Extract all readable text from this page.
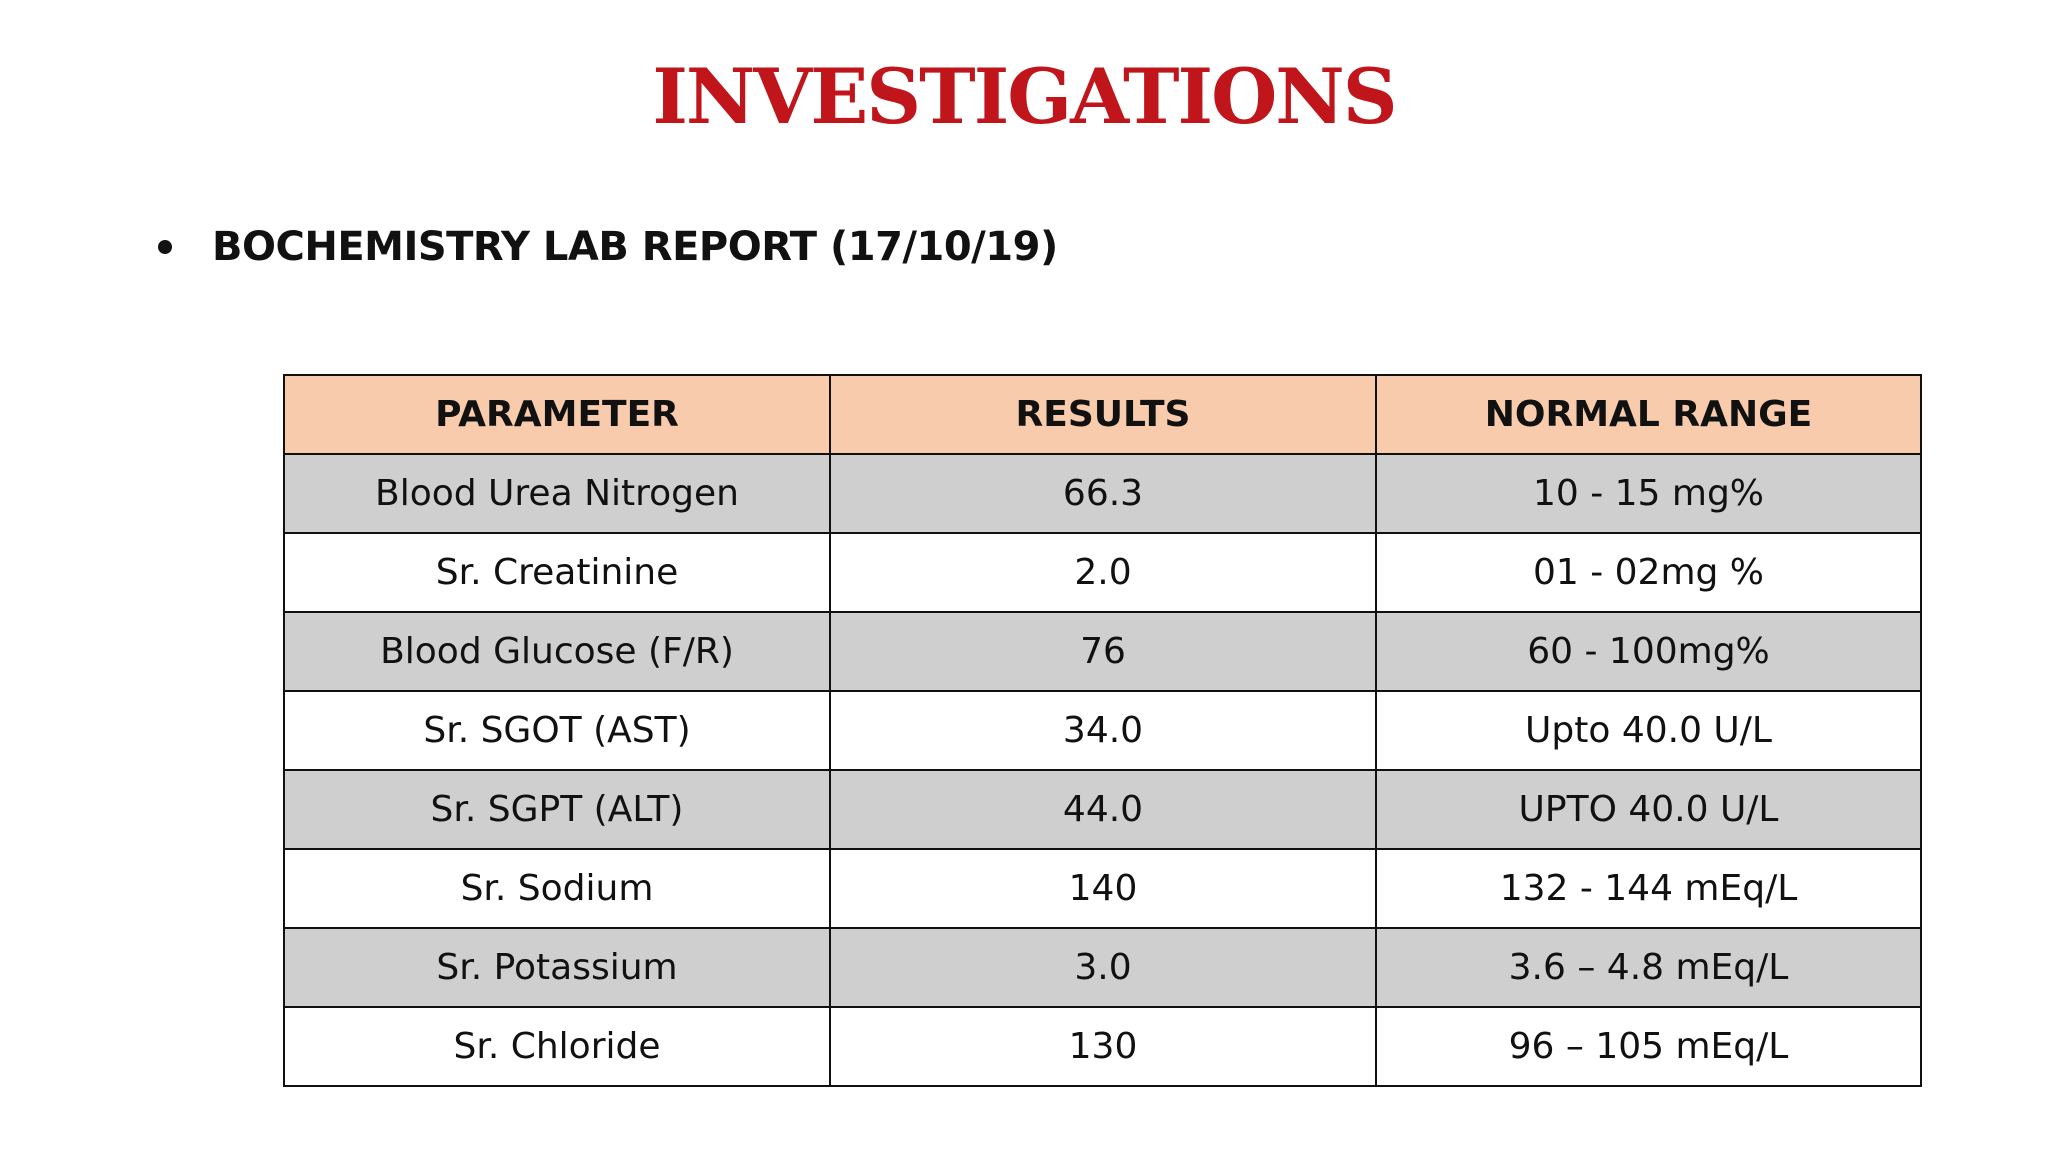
INVESTIGATIONS
BOCHEMISTRY LAB REPORT (17/10/19)
PARAMETER	RESULTS	NORMAL RANGE
Blood Urea Nitrogen	66.3	10 - 15 mg%
Sr. Creatinine	2.0	01 - 02mg %
Blood Glucose (F/R)	76	60 - 100mg%
Sr. SGOT (AST)	34.0	Upto 40.0 U/L
Sr. SGPT (ALT)	44.0	UPTO 40.0 U/L
Sr. Sodium	140	132 - 144 mEq/L
Sr. Potassium	3.0	3.6 – 4.8 mEq/L
Sr. Chloride	130	96 – 105 mEq/L
